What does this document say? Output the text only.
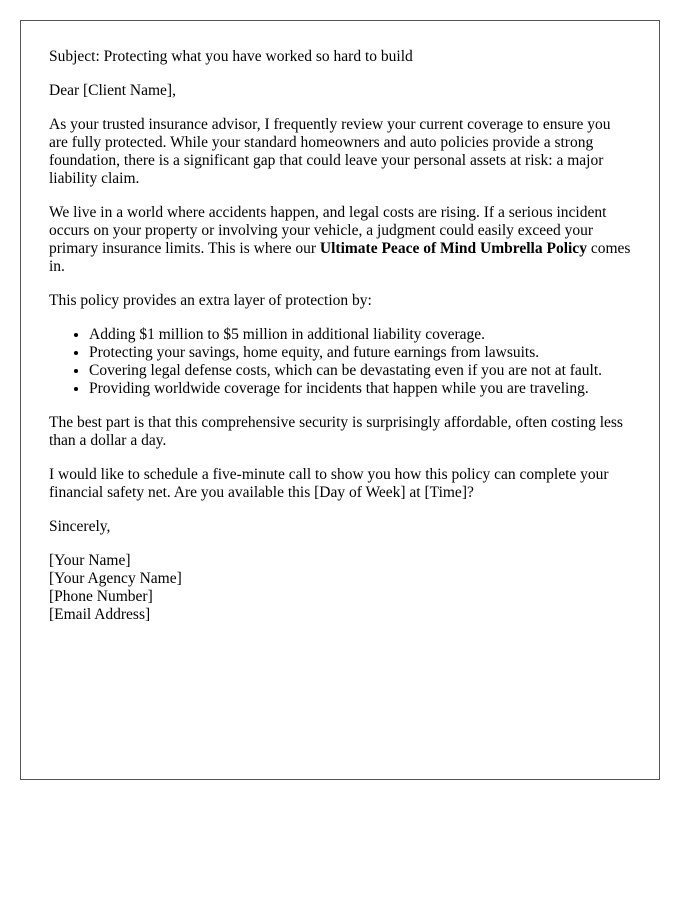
Subject: Protecting what you have worked so hard to build

Dear [Client Name],

As your trusted insurance advisor, I frequently review your current coverage to ensure you are fully protected. While your standard homeowners and auto policies provide a strong foundation, there is a significant gap that could leave your personal assets at risk: a major liability claim.

We live in a world where accidents happen, and legal costs are rising. If a serious incident occurs on your property or involving your vehicle, a judgment could easily exceed your primary insurance limits. This is where our Ultimate Peace of Mind Umbrella Policy comes in.

This policy provides an extra layer of protection by:

• Adding $1 million to $5 million in additional liability coverage.
• Protecting your savings, home equity, and future earnings from lawsuits.
• Covering legal defense costs, which can be devastating even if you are not at fault.
• Providing worldwide coverage for incidents that happen while you are traveling.

The best part is that this comprehensive security is surprisingly affordable, often costing less than a dollar a day.

I would like to schedule a five-minute call to show you how this policy can complete your financial safety net. Are you available this [Day of Week] at [Time]?

Sincerely,

[Your Name]

[Your Agency Name]

[Phone Number]

[Email Address]
